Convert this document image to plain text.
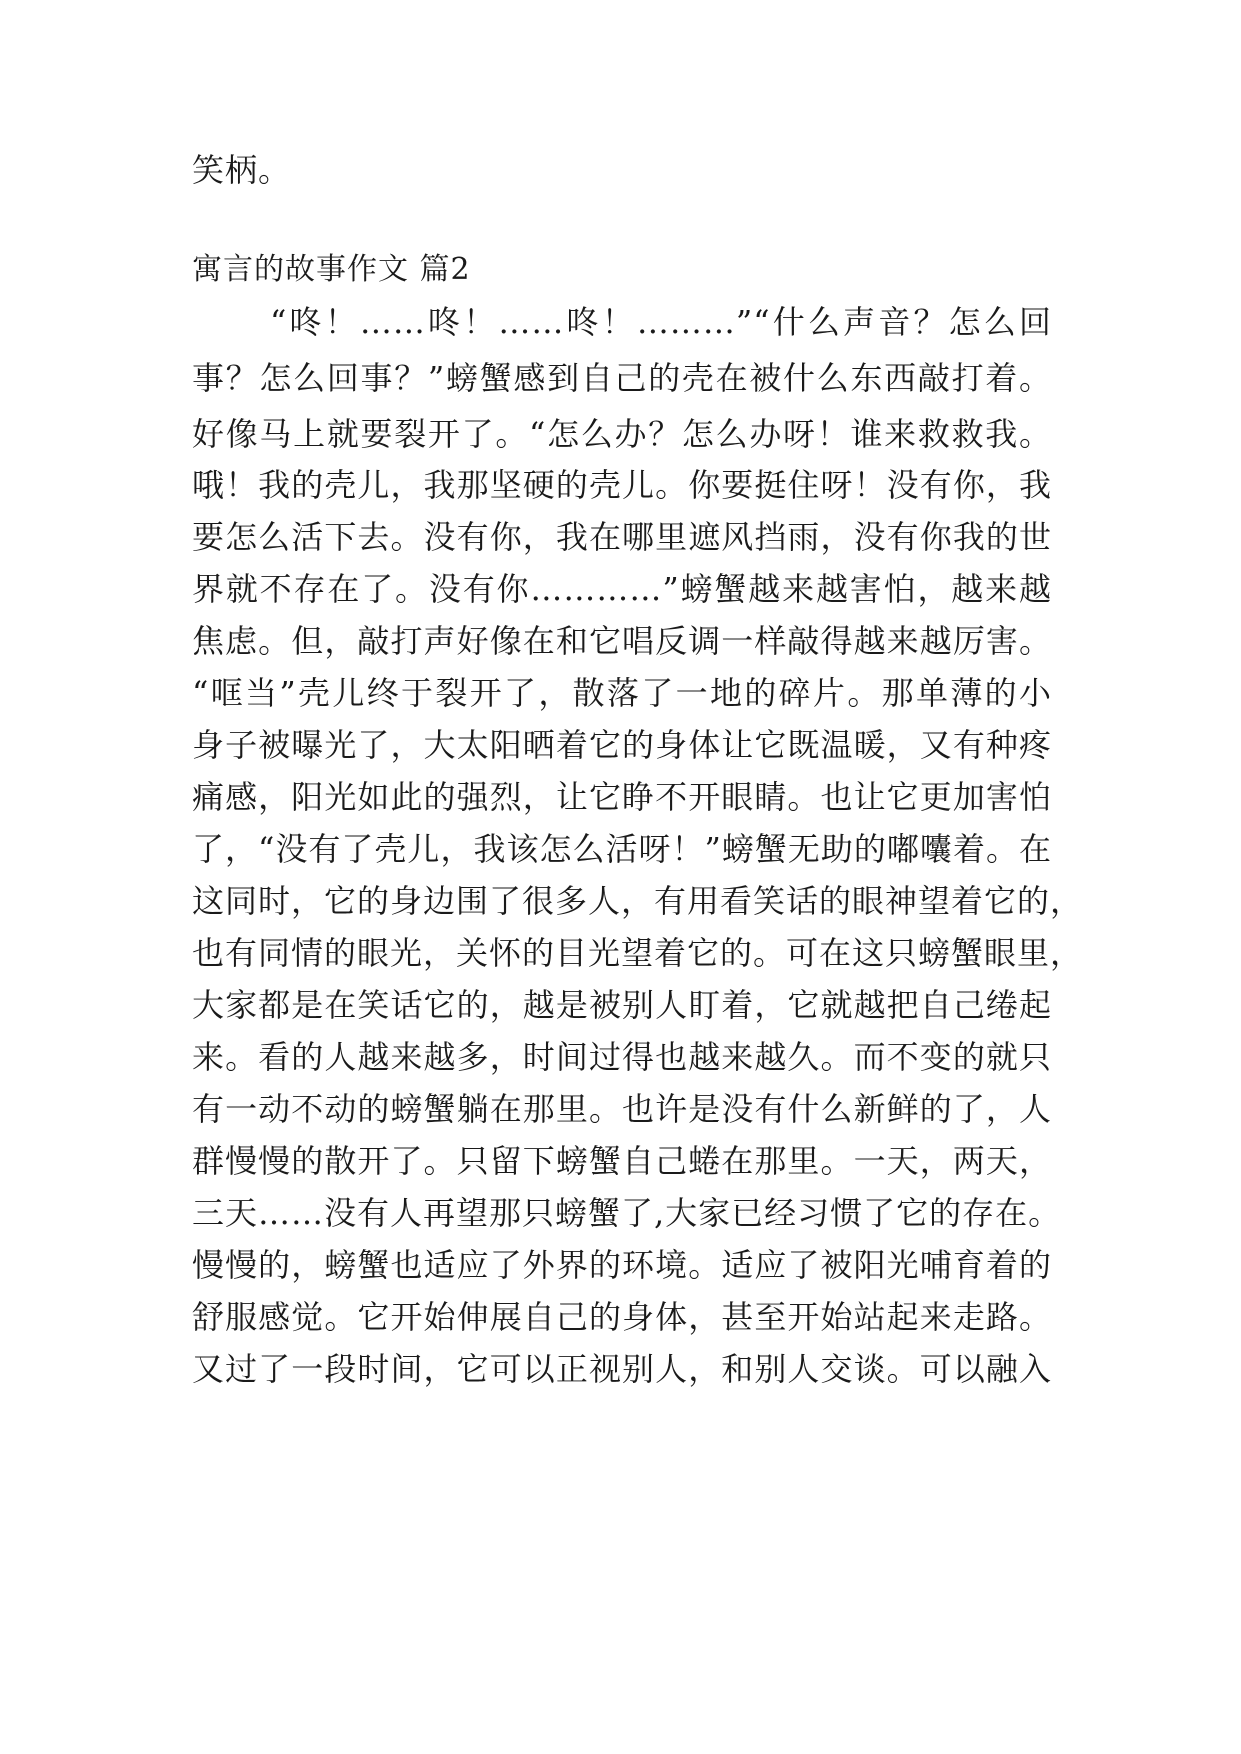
笑柄。
寓言的故事作文 篇2
“咚！……咚！……咚！………”“什么声音？怎么回
事？怎么回事？”螃蟹感到自己的壳在被什么东西敲打着。
好像马上就要裂开了。“怎么办？怎么办呀！谁来救救我。
哦！我的壳儿，我那坚硬的壳儿。你要挺住呀！没有你，我
要怎么活下去。没有你，我在哪里遮风挡雨，没有你我的世
界就不存在了。没有你…………”螃蟹越来越害怕，越来越
焦虑。但，敲打声好像在和它唱反调一样敲得越来越厉害。
“哐当”壳儿终于裂开了，散落了一地的碎片。那单薄的小
身子被曝光了，大太阳晒着它的身体让它既温暖，又有种疼
痛感，阳光如此的强烈，让它睁不开眼睛。也让它更加害怕
了，“没有了壳儿，我该怎么活呀！”螃蟹无助的嘟囔着。在
这同时，它的身边围了很多人，有用看笑话的眼神望着它的，
也有同情的眼光，关怀的目光望着它的。可在这只螃蟹眼里，
大家都是在笑话它的，越是被别人盯着，它就越把自己绻起
来。看的人越来越多，时间过得也越来越久。而不变的就只
有一动不动的螃蟹躺在那里。也许是没有什么新鲜的了，人
群慢慢的散开了。只留下螃蟹自己蜷在那里。一天，两天，
三天……没有人再望那只螃蟹了,大家已经习惯了它的存在。
慢慢的，螃蟹也适应了外界的环境。适应了被阳光哺育着的
舒服感觉。它开始伸展自己的身体，甚至开始站起来走路。
又过了一段时间，它可以正视别人，和别人交谈。可以融入
